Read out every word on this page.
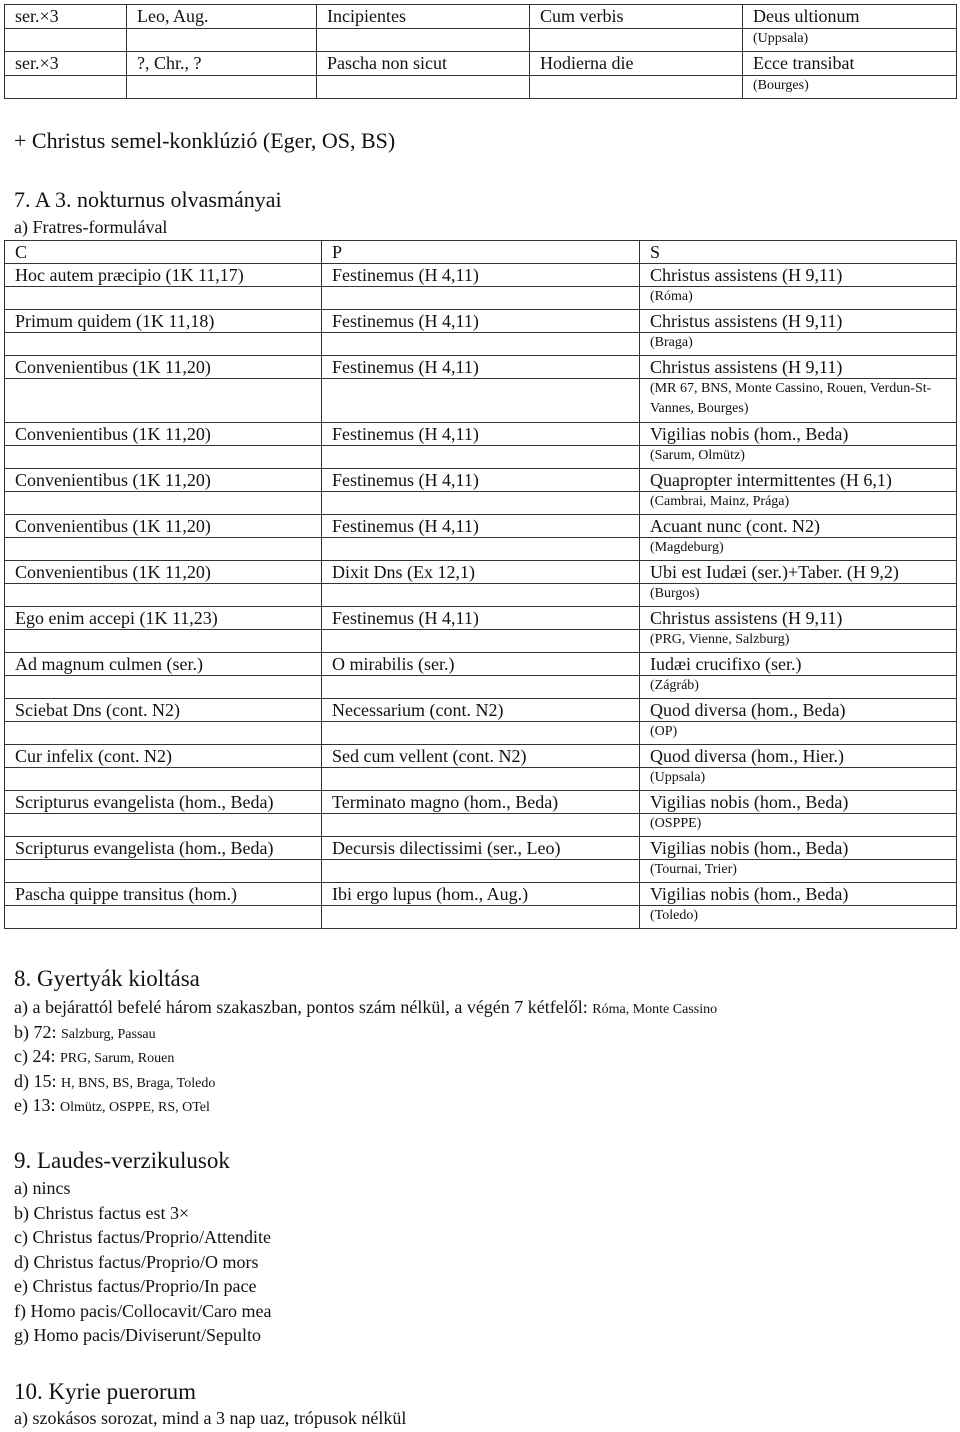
ser.×3	Leo, Aug.	Incipientes	Cum verbis	Deus ultionum
				(Uppsala)
ser.×3	?, Chr., ?	Pascha non sicut	Hodierna die	Ecce transibat
				(Bourges)
+ Christus semel-konklúzió (Eger, OS, BS)
7. A 3. nokturnus olvasmányai
a) Fratres-formulával
C	P	S
Hoc autem præcipio (1K 11,17)	Festinemus (H 4,11)	Christus assistens (H 9,11)
		(Róma)
Primum quidem (1K 11,18)	Festinemus (H 4,11)	Christus assistens (H 9,11)
		(Braga)
Convenientibus (1K 11,20)	Festinemus (H 4,11)	Christus assistens (H 9,11)
		(MR 67, BNS, Monte Cassino, Rouen, Verdun-St-Vannes, Bourges)
Convenientibus (1K 11,20)	Festinemus (H 4,11)	Vigilias nobis (hom., Beda)
		(Sarum, Olmütz)
Convenientibus (1K 11,20)	Festinemus (H 4,11)	Quapropter intermittentes (H 6,1)
		(Cambrai, Mainz, Prága)
Convenientibus (1K 11,20)	Festinemus (H 4,11)	Acuant nunc (cont. N2)
		(Magdeburg)
Convenientibus (1K 11,20)	Dixit Dns (Ex 12,1)	Ubi est Iudæi (ser.)+Taber. (H 9,2)
		(Burgos)
Ego enim accepi (1K 11,23)	Festinemus (H 4,11)	Christus assistens (H 9,11)
		(PRG, Vienne, Salzburg)
Ad magnum culmen (ser.)	O mirabilis (ser.)	Iudæi crucifixo (ser.)
		(Zágráb)
Sciebat Dns (cont. N2)	Necessarium (cont. N2)	Quod diversa (hom., Beda)
		(OP)
Cur infelix (cont. N2)	Sed cum vellent (cont. N2)	Quod diversa (hom., Hier.)
		(Uppsala)
Scripturus evangelista (hom., Beda)	Terminato magno (hom., Beda)	Vigilias nobis (hom., Beda)
		(OSPPE)
Scripturus evangelista (hom., Beda)	Decursis dilectissimi (ser., Leo)	Vigilias nobis (hom., Beda)
		(Tournai, Trier)
Pascha quippe transitus (hom.)	Ibi ergo lupus (hom., Aug.)	Vigilias nobis (hom., Beda)
		(Toledo)
8. Gyertyák kioltása
a) a bejárattól befelé három szakaszban, pontos szám nélkül, a végén 7 kétfelől: Róma, Monte Cassino
b) 72: Salzburg, Passau
c) 24: PRG, Sarum, Rouen
d) 15: H, BNS, BS, Braga, Toledo
e) 13: Olmütz, OSPPE, RS, OTel
9. Laudes-verzikulusok
a) nincs
b) Christus factus est 3×
c) Christus factus/Proprio/Attendite
d) Christus factus/Proprio/O mors
e) Christus factus/Proprio/In pace
f) Homo pacis/Collocavit/Caro mea
g) Homo pacis/Diviserunt/Sepulto
10. Kyrie puerorum
a) szokásos sorozat, mind a 3 nap uaz, trópusok nélkül
